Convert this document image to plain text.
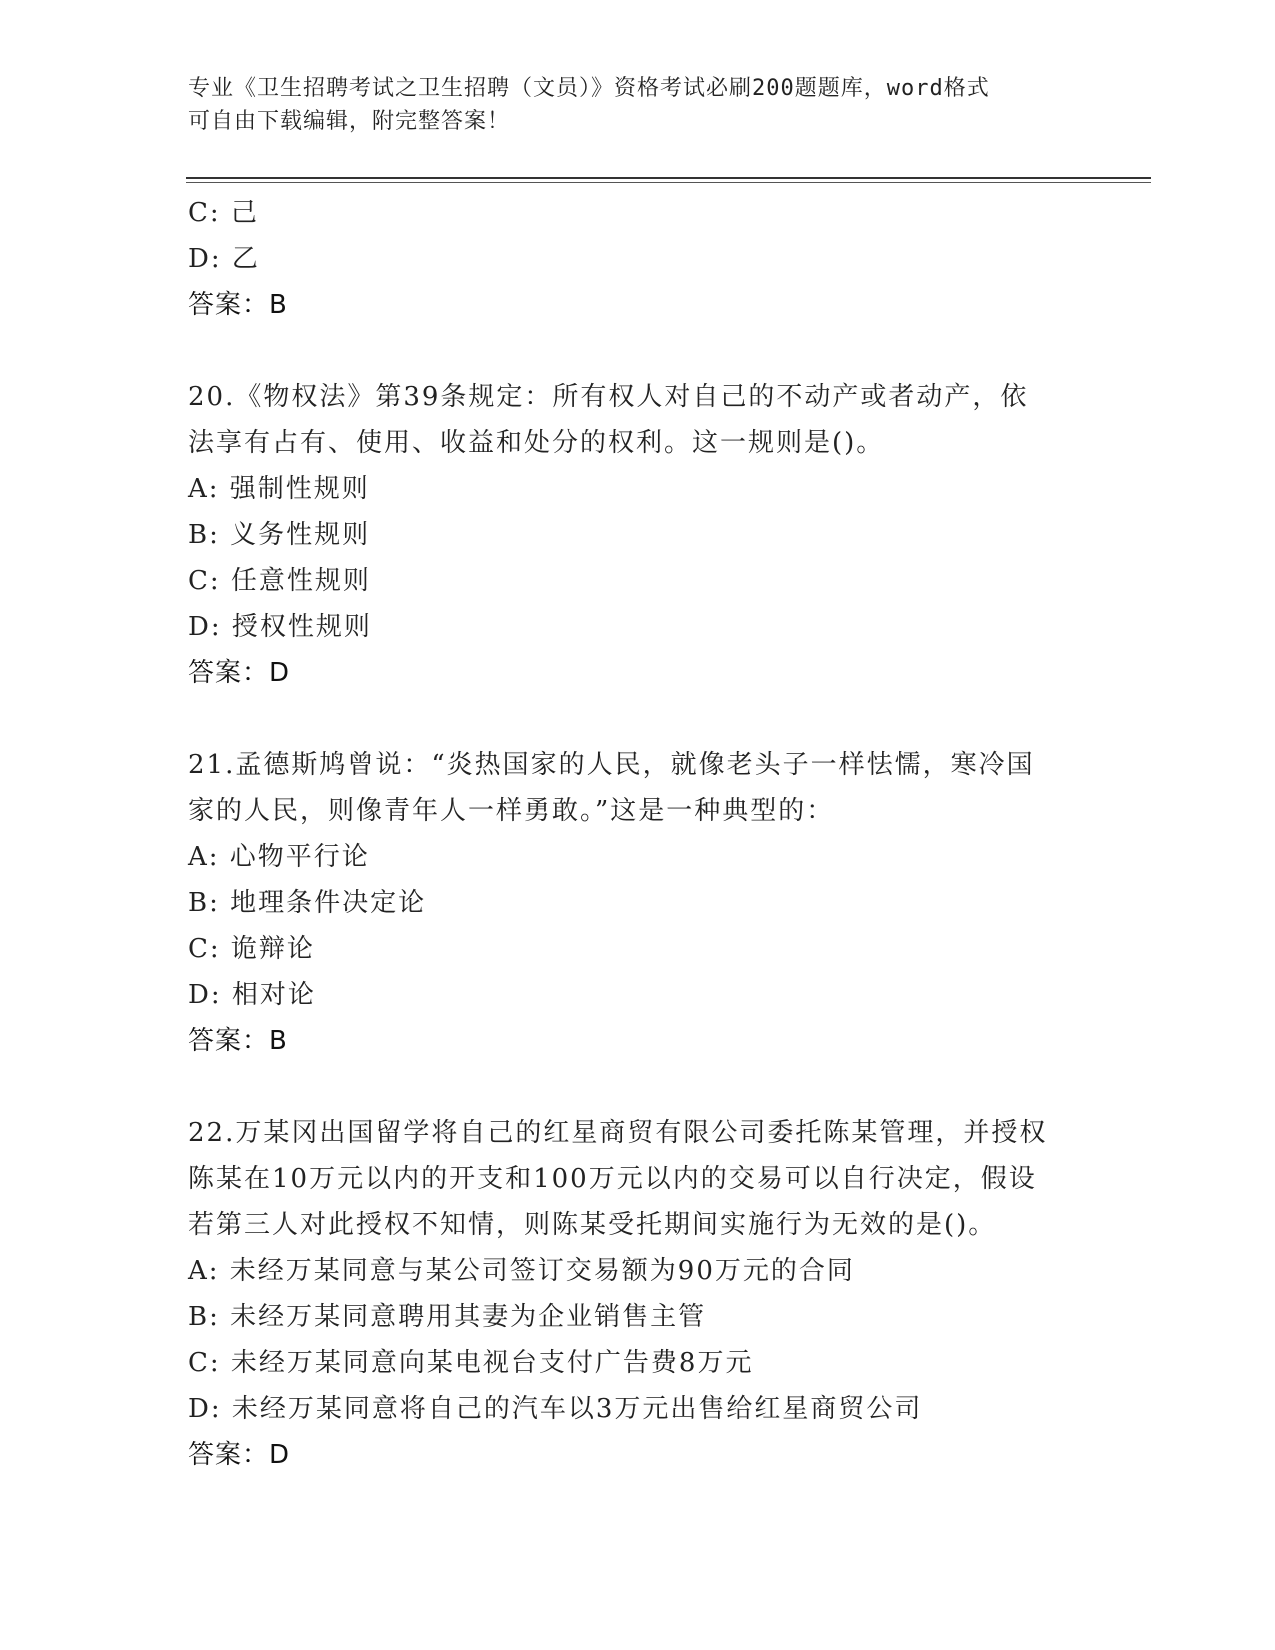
专业《卫生招聘考试之卫生招聘（文员）》资格考试必刷200题题库，word格式
可自由下载编辑，附完整答案！
C: 己
D: 乙
答案：B
20.《物权法》第39条规定：所有权人对自己的不动产或者动产，依
法享有占有、使用、收益和处分的权利。这一规则是()。
A: 强制性规则
B: 义务性规则
C: 任意性规则
D: 授权性规则
答案：D
21.孟德斯鸠曾说：“炎热国家的人民，就像老头子一样怯懦，寒冷国
家的人民，则像青年人一样勇敢。”这是一种典型的：
A: 心物平行论
B: 地理条件决定论
C: 诡辩论
D: 相对论
答案：B
22.万某冈出国留学将自己的红星商贸有限公司委托陈某管理，并授权
陈某在10万元以内的开支和100万元以内的交易可以自行决定，假设
若第三人对此授权不知情，则陈某受托期间实施行为无效的是()。
A: 未经万某同意与某公司签订交易额为90万元的合同
B: 未经万某同意聘用其妻为企业销售主管
C: 未经万某同意向某电视台支付广告费8万元
D: 未经万某同意将自己的汽车以3万元出售给红星商贸公司
答案：D
